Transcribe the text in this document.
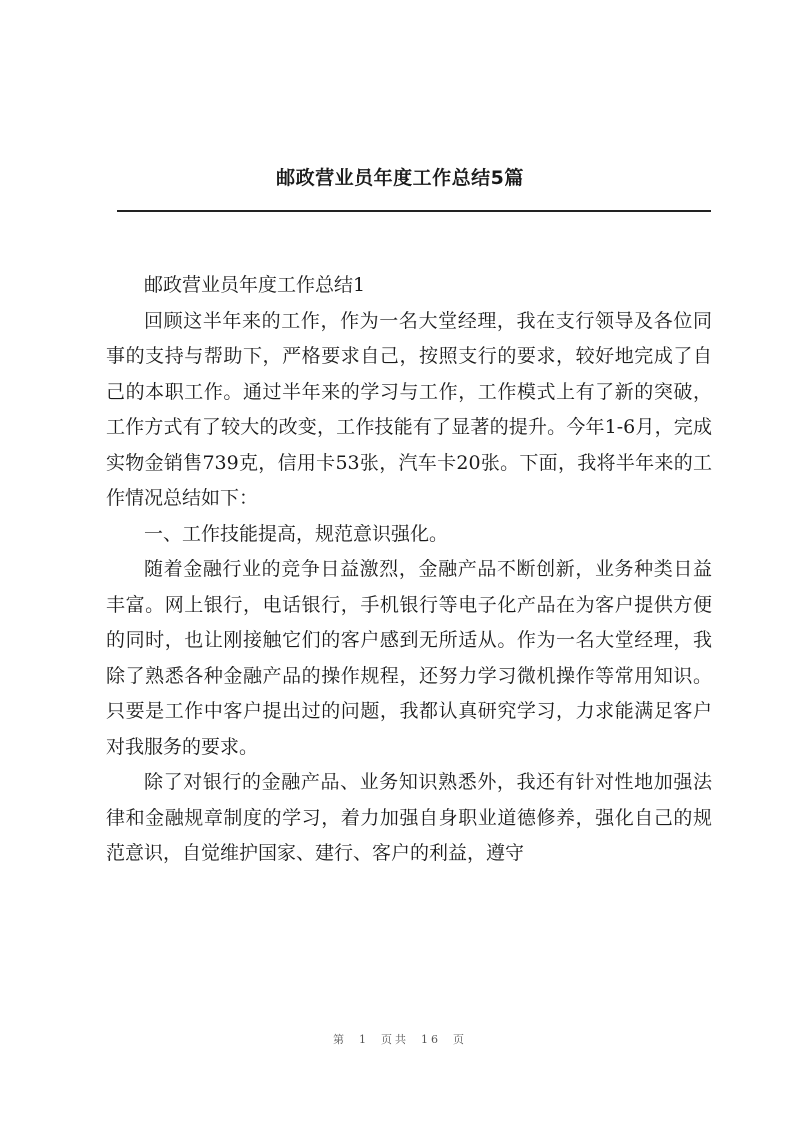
邮政营业员年度工作总结5篇

邮政营业员年度工作总结1

回顾这半年来的工作，作为一名大堂经理，我在支行领导及各位同事的支持与帮助下，严格要求自己，按照支行的要求，较好地完成了自己的本职工作。通过半年来的学习与工作，工作模式上有了新的突破，工作方式有了较大的改变，工作技能有了显著的提升。今年1-6月，完成实物金销售739克，信用卡53张，汽车卡20张。下面，我将半年来的工作情况总结如下：

一、工作技能提高，规范意识强化。

随着金融行业的竞争日益激烈，金融产品不断创新，业务种类日益丰富。网上银行，电话银行，手机银行等电子化产品在为客户提供方便的同时，也让刚接触它们的客户感到无所适从。作为一名大堂经理，我除了熟悉各种金融产品的操作规程，还努力学习微机操作等常用知识。只要是工作中客户提出过的问题，我都认真研究学习，力求能满足客户对我服务的要求。

除了对银行的金融产品、业务知识熟悉外，我还有针对性地加强法律和金融规章制度的学习，着力加强自身职业道德修养，强化自己的规范意识，自觉维护国家、建行、客户的利益，遵守

第 1 页共 16 页
